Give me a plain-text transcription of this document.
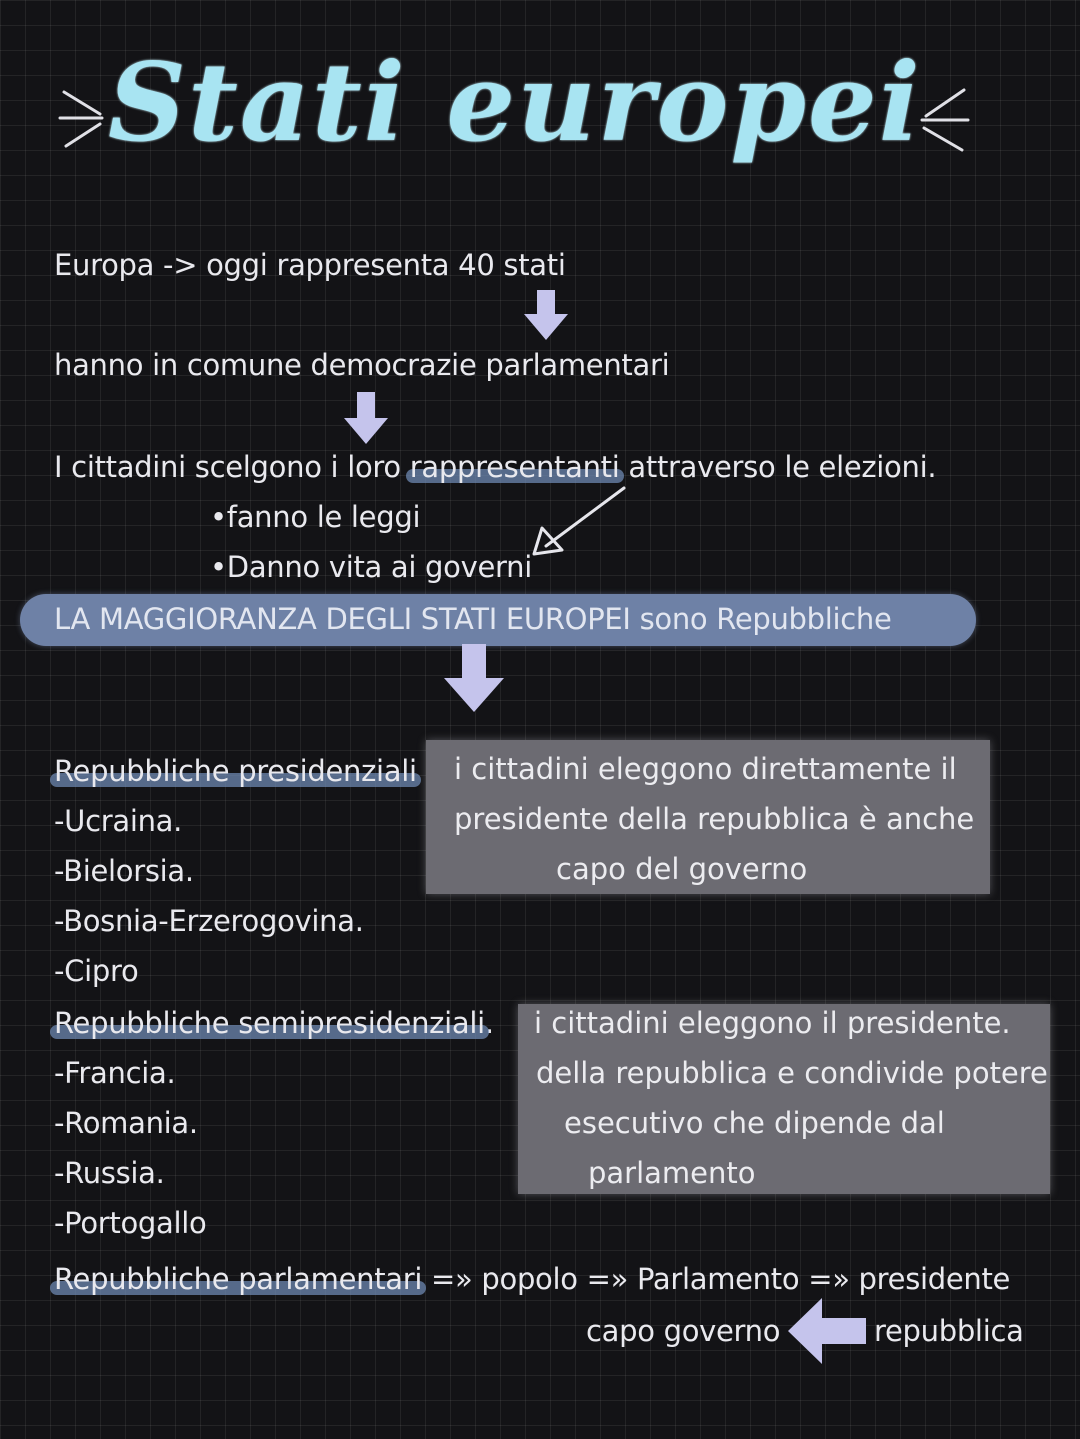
Stati europei
Europa -> oggi rappresenta 40 stati
hanno in comune democrazie parlamentari
I cittadini scelgono i loro rappresentanti attraverso le elezioni.
•fanno le leggi
•Danno vita ai governi
LA MAGGIORANZA DEGLI STATI EUROPEI sono Repubbliche
i cittadini eleggono direttamente il
presidente della repubblica è anche
capo del governo
Repubbliche presidenziali
-Ucraina.
-Bielorsia.
-Bosnia-Erzerogovina.
-Cipro
i cittadini eleggono il presidente.
della repubblica e condivide potere
esecutivo che dipende dal
parlamento
Repubbliche semipresidenziali.
-Francia.
-Romania.
-Russia.
-Portogallo
Repubbliche parlamentari =» popolo =» Parlamento =» presidente
capo governo	repubblica
